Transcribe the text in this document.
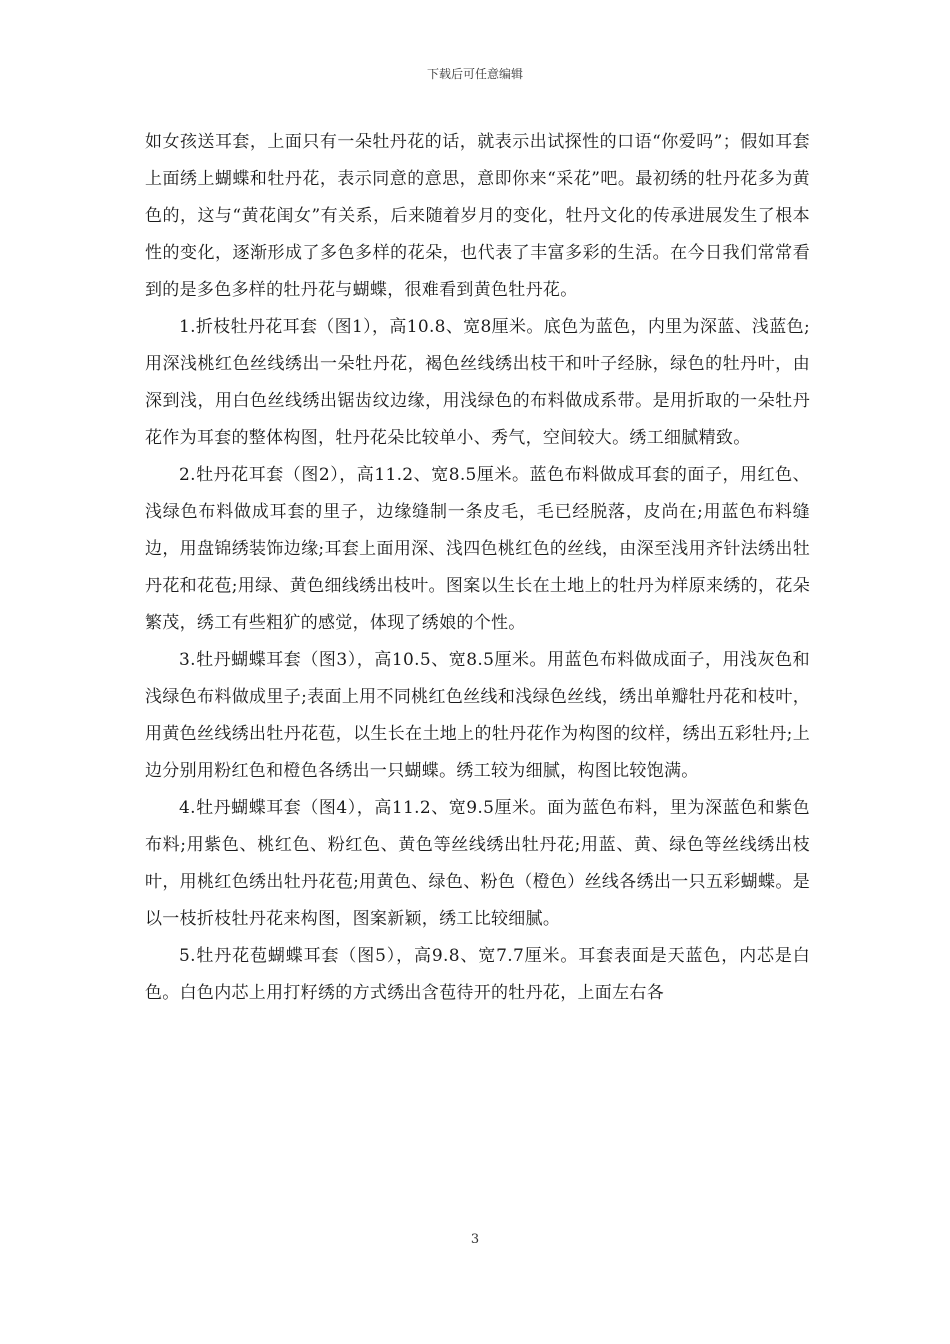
下载后可任意编辑

如女孩送耳套，上面只有一朵牡丹花的话，就表示出试探性的口语“你爱吗”；假如耳套上面绣上蝴蝶和牡丹花，表示同意的意思，意即你来“采花”吧。最初绣的牡丹花多为黄色的，这与“黄花闺女”有关系，后来随着岁月的变化，牡丹文化的传承进展发生了根本性的变化，逐渐形成了多色多样的花朵，也代表了丰富多彩的生活。在今日我们常常看到的是多色多样的牡丹花与蝴蝶，很难看到黄色牡丹花。

1.折枝牡丹花耳套（图1），高10.8、宽8厘米。底色为蓝色，内里为深蓝、浅蓝色;用深浅桃红色丝线绣出一朵牡丹花，褐色丝线绣出枝干和叶子经脉，绿色的牡丹叶，由深到浅，用白色丝线绣出锯齿纹边缘，用浅绿色的布料做成系带。是用折取的一朵牡丹花作为耳套的整体构图，牡丹花朵比较单小、秀气，空间较大。绣工细腻精致。

2.牡丹花耳套（图2），高11.2、宽8.5厘米。蓝色布料做成耳套的面子，用红色、浅绿色布料做成耳套的里子，边缘缝制一条皮毛，毛已经脱落，皮尚在;用蓝色布料缝边，用盘锦绣装饰边缘;耳套上面用深、浅四色桃红色的丝线，由深至浅用齐针法绣出牡丹花和花苞;用绿、黄色细线绣出枝叶。图案以生长在土地上的牡丹为样原来绣的，花朵繁茂，绣工有些粗犷的感觉，体现了绣娘的个性。

3.牡丹蝴蝶耳套（图3），高10.5、宽8.5厘米。用蓝色布料做成面子，用浅灰色和浅绿色布料做成里子;表面上用不同桃红色丝线和浅绿色丝线，绣出单瓣牡丹花和枝叶，用黄色丝线绣出牡丹花苞，以生长在土地上的牡丹花作为构图的纹样，绣出五彩牡丹;上边分别用粉红色和橙色各绣出一只蝴蝶。绣工较为细腻，构图比较饱满。

4.牡丹蝴蝶耳套（图4），高11.2、宽9.5厘米。面为蓝色布料，里为深蓝色和紫色布料;用紫色、桃红色、粉红色、黄色等丝线绣出牡丹花;用蓝、黄、绿色等丝线绣出枝叶，用桃红色绣出牡丹花苞;用黄色、绿色、粉色（橙色）丝线各绣出一只五彩蝴蝶。是以一枝折枝牡丹花来构图，图案新颖，绣工比较细腻。

5.牡丹花苞蝴蝶耳套（图5），高9.8、宽7.7厘米。耳套表面是天蓝色，内芯是白色。白色内芯上用打籽绣的方式绣出含苞待开的牡丹花，上面左右各

3
